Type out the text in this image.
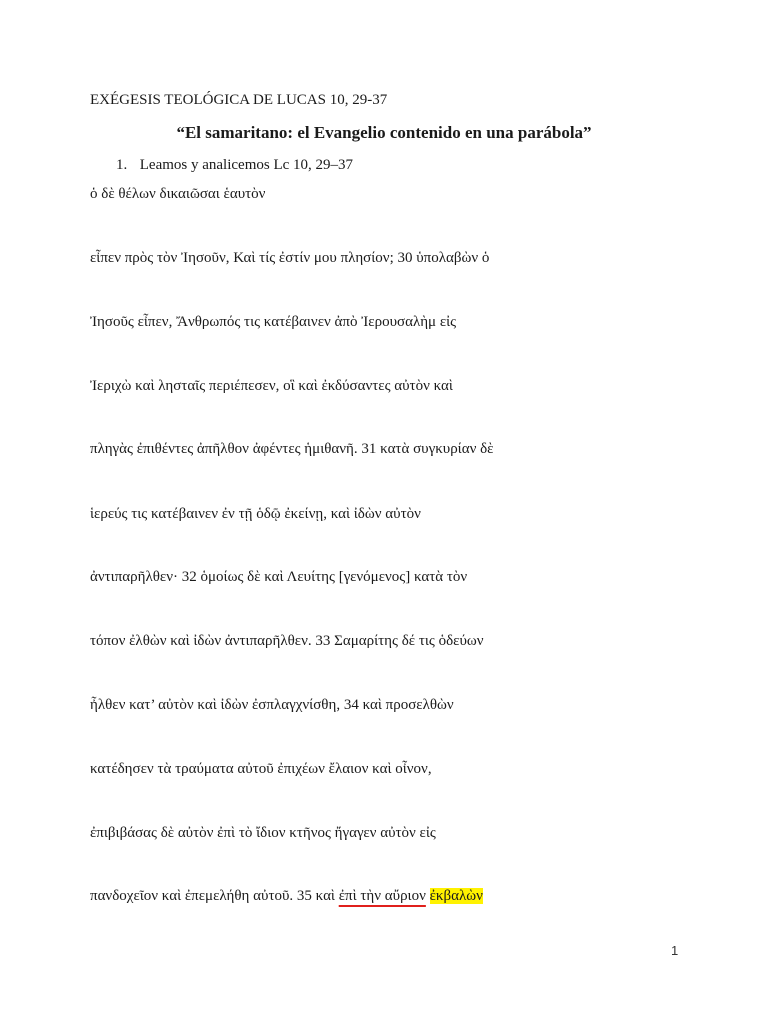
EXÉGESIS TEOLÓGICA DE LUCAS 10, 29-37
“El samaritano: el Evangelio contenido en una parábola”
1. Leamos y analicemos Lc 10, 29–37
ὁ δὲ θέλων δικαιῶσαι ἑαυτὸν
εἶπεν πρὸς τὸν Ἰησοῦν, Καὶ τίς ἐστίν μου πλησίον; 30 ὑπολαβὼν ὁ
Ἰησοῦς εἶπεν, Ἄνθρωπός τις κατέβαινεν ἀπὸ Ἰερουσαλὴμ εἰς
Ἰεριχὼ καὶ λησταῖς περιέπεσεν, οἳ καὶ ἐκδύσαντες αὐτὸν καὶ
πληγὰς ἐπιθέντες ἀπῆλθον ἀφέντες ἡμιθανῆ. 31 κατὰ συγκυρίαν δὲ
ἱερεύς τις κατέβαινεν ἐν τῇ ὁδῷ ἐκείνῃ, καὶ ἰδὼν αὐτὸν
ἀντιπαρῆλθεν· 32 ὁμοίως δὲ καὶ Λευίτης [γενόμενος] κατὰ τὸν
τόπον ἐλθὼν καὶ ἰδὼν ἀντιπαρῆλθεν. 33 Σαμαρίτης δέ τις ὁδεύων
ἦλθεν κατ’ αὐτὸν καὶ ἰδὼν ἐσπλαγχνίσθη, 34 καὶ προσελθὼν
κατέδησεν τὰ τραύματα αὐτοῦ ἐπιχέων ἔλαιον καὶ οἶνον,
ἐπιβιβάσας δὲ αὐτὸν ἐπὶ τὸ ἴδιον κτῆνος ἤγαγεν αὐτὸν εἰς
πανδοχεῖον καὶ ἐπεμελήθη αὐτοῦ. 35 καὶ ἐπὶ τὴν αὔριον ἐκβαλὼν
1
